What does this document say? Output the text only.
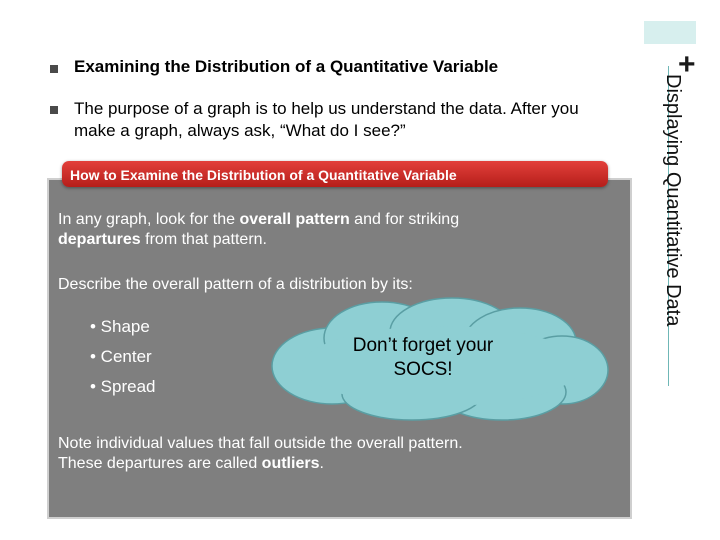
+
Displaying Quantitative Data
Examining the Distribution of a Quantitative Variable
The purpose of a graph is to help us understand the data. After you make a graph, always ask, “What do I see?”
How to Examine the Distribution of a Quantitative Variable
In any graph, look for the overall pattern and for striking
departures from that pattern.
Describe the overall pattern of a distribution by its:
• Shape
• Center
• Spread
Don’t forget your
SOCS!
Note individual values that fall outside the overall pattern.
These departures are called outliers.
